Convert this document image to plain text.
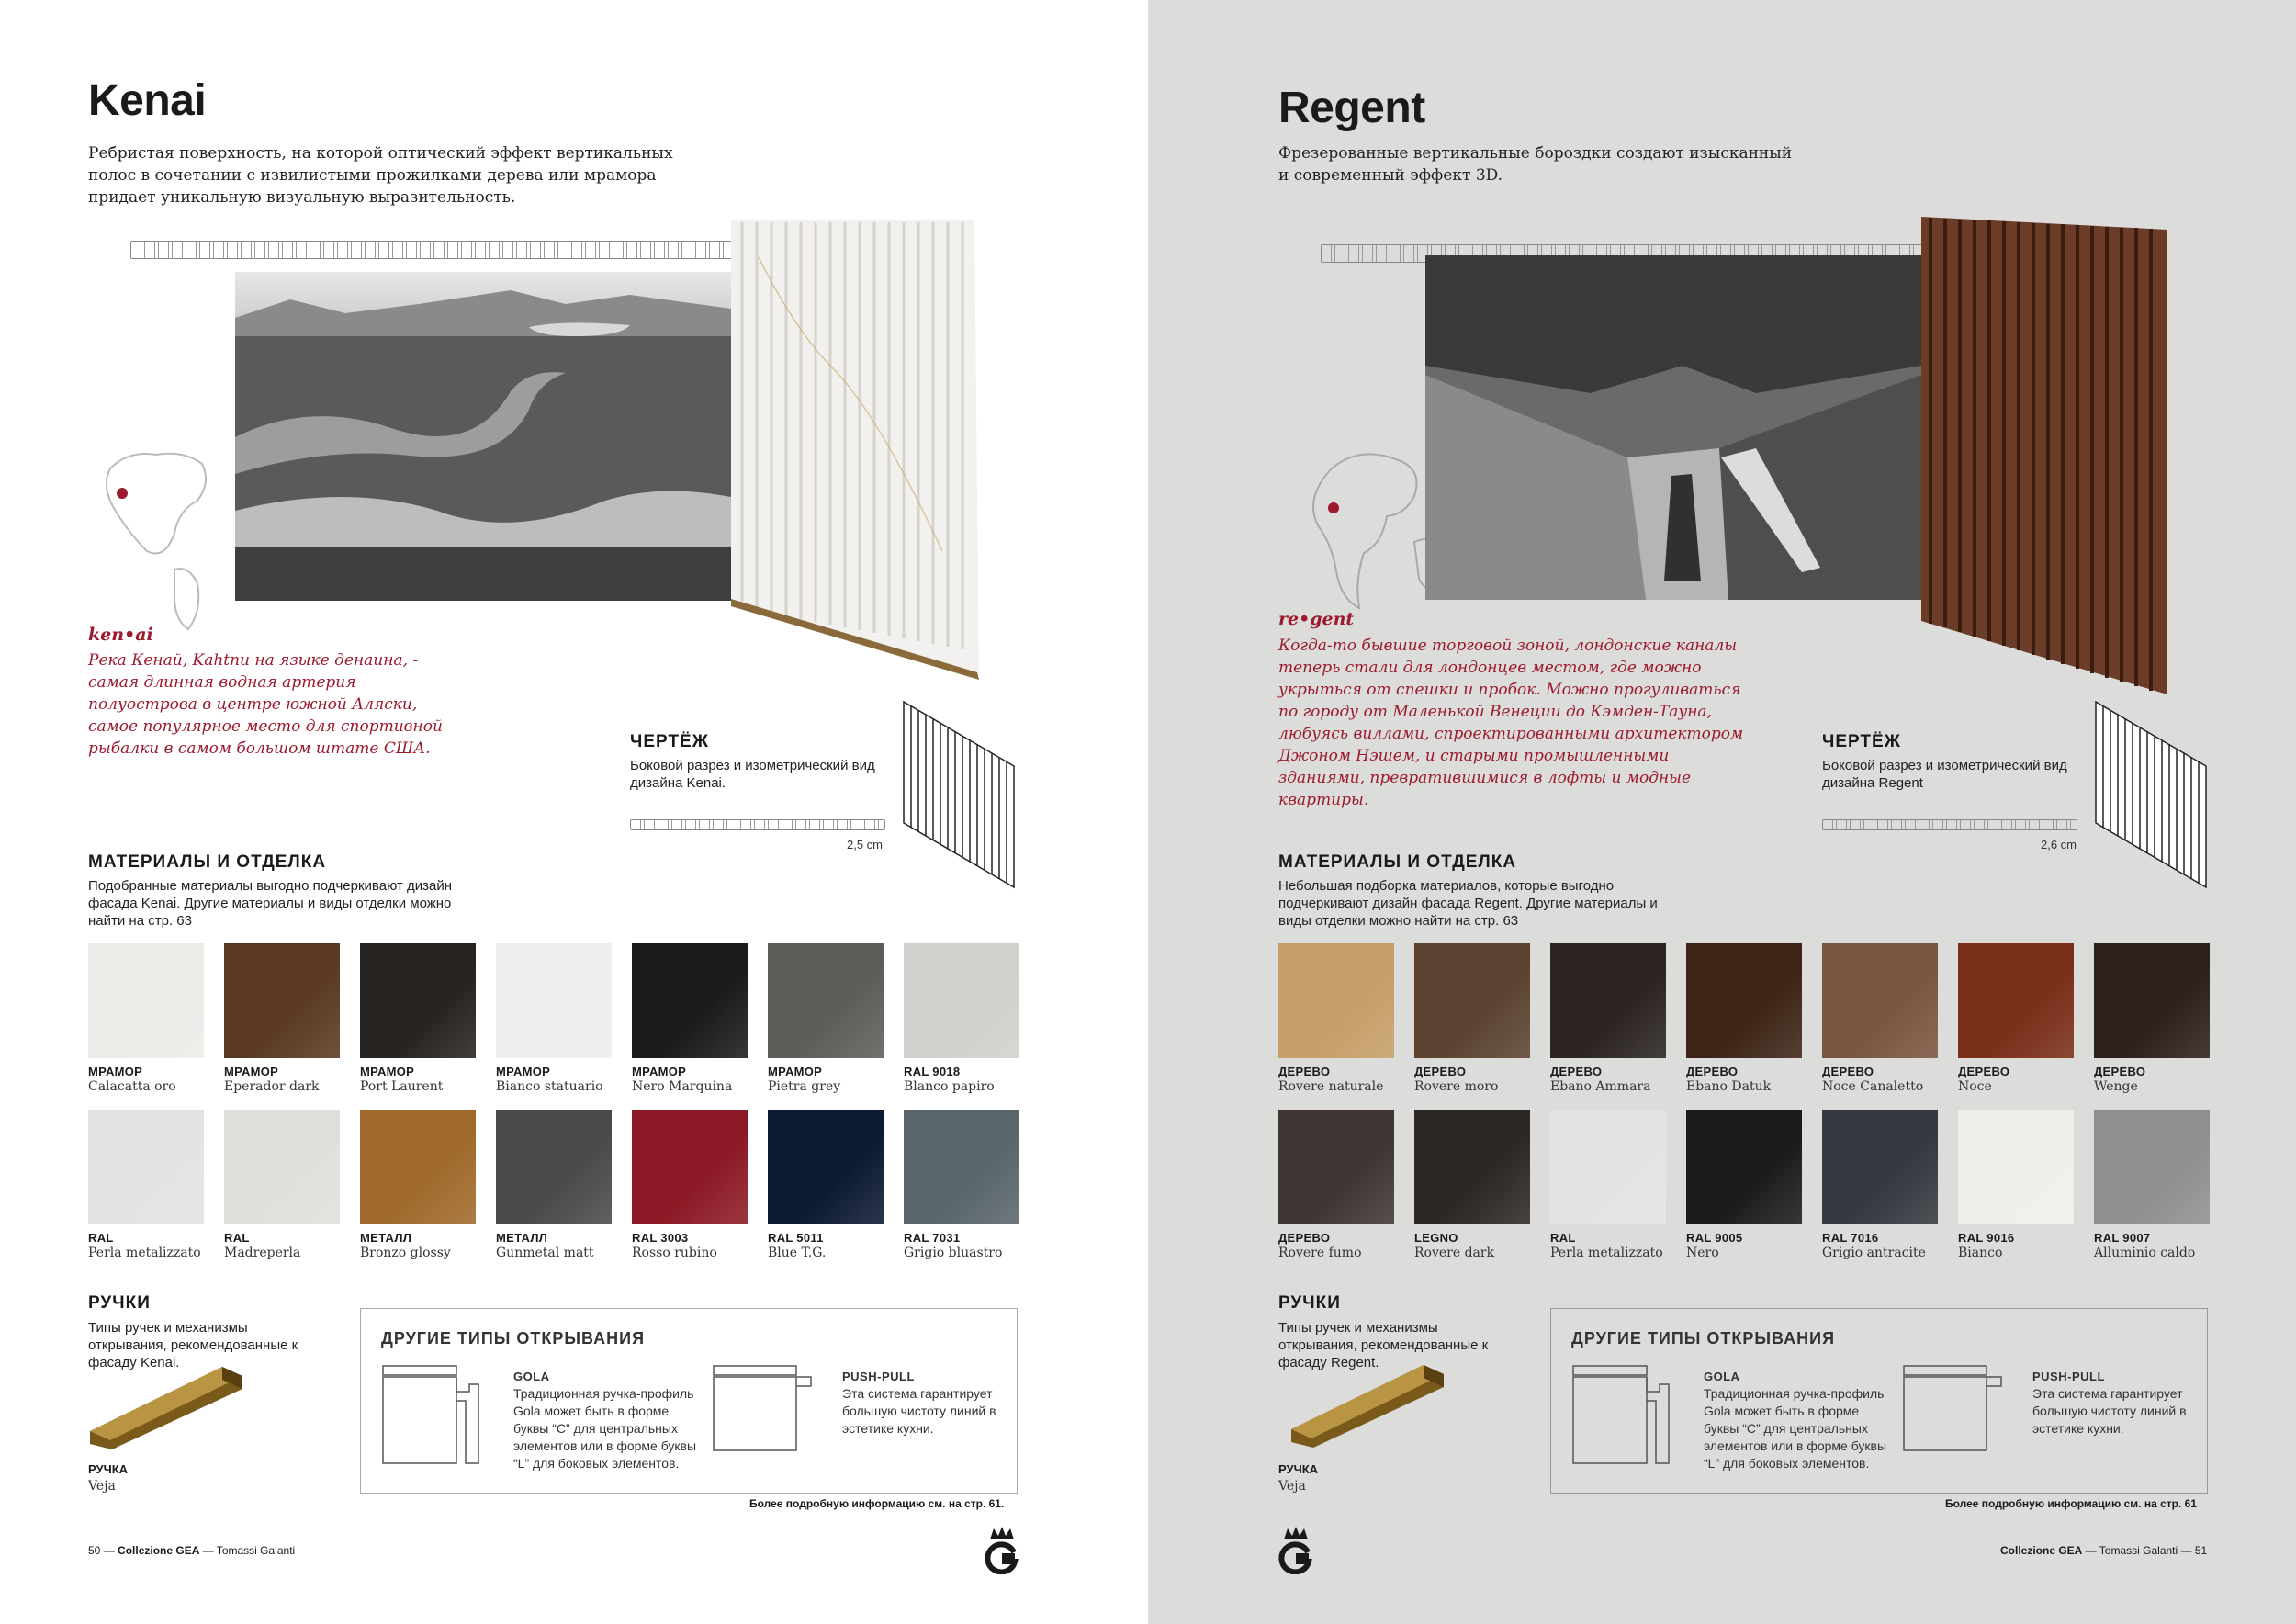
Kenai
Ребристая поверхность, на которой оптический эффект вертикальных полос в сочетании с извилистыми прожилками дерева или мрамора придает уникальную визуальную выразительность.
ken•ai
Река Кенай, Kahtnu на языке денаина, - самая длинная водная артерия полуострова в центре южной Аляски, самое популярное место для спортивной рыбалки в самом большом штате США.	ЧЕРТЁЖ
Боковой разрез и изометрический вид дизайна Kenai.
2,5 cm
МАТЕРИАЛЫ И ОТДЕЛКА
Подобранные материалы выгодно подчеркивают дизайн фасада Kenai. Другие материалы и виды отделки можно найти на стр. 63
МРАМОР
Calacatta oro
МРАМОР
Eperador dark
МРАМОР
Port Laurent
МРАМОР
Bianco statuario
МРАМОР
Nero Marquina
МРАМОР
Pietra grey
RAL 9018
Blanco papiro
RAL
Perla metalizzato
RAL
Madreperla
МЕТАЛЛ
Bronzo glossy
МЕТАЛЛ
Gunmetal matt
RAL 3003
Rosso rubino
RAL 5011
Blue T.G.
RAL 7031
Grigio bluastro
РУЧКИ
Типы ручек и механизмы открывания, рекомендованные к фасаду Kenai.
РУЧКА
Veja
ДРУГИЕ ТИПЫ ОТКРЫВАНИЯ
GOLA
Традиционная ручка-профиль Gola может быть в форме буквы “С” для центральных элементов или в форме буквы “L” для боковых элементов.
PUSH-PULL
Эта система гарантирует большую чистоту линий в эстетике кухни.
Более подробную информацию см. на стр. 61.
50 — Collezione GEA — Tomassi Galanti
Regent
Фрезерованные вертикальные бороздки создают изысканный и современный эффект 3D.
re•gent
Когда-то бывшие торговой зоной, лондонские каналы теперь стали для лондонцев местом, где можно укрыться от спешки и пробок. Можно прогуливаться по городу от Маленькой Венеции до Кэмден-Тауна, любуясь виллами, спроектированными архитектором Джоном Нэшем, и старыми промышленными зданиями, превратившимися в лофты и модные квартиры.
ЧЕРТЁЖ
Боковой разрез и изометрический вид дизайна Regent
2,6 cm
МАТЕРИАЛЫ И ОТДЕЛКА
Небольшая подборка материалов, которые выгодно подчеркивают дизайн фасада Regent. Другие материалы и виды отделки можно найти на стр. 63
ДЕРЕВО
Rovere naturale
ДЕРЕВО
Rovere moro
ДЕРЕВО
Ebano Ammara
ДЕРЕВО
Ebano Datuk
ДЕРЕВО
Noce Canaletto
ДЕРЕВО
Noce
ДЕРЕВО
Wenge
ДЕРЕВО
Rovere fumo
LEGNO
Rovere dark
RAL
Perla metalizzato
RAL 9005
Nero
RAL 7016
Grigio antracite
RAL 9016
Bianco
RAL 9007
Alluminio caldo
РУЧКИ
Типы ручек и механизмы открывания, рекомендованные к фасаду Regent.
РУЧКА
Veja
ДРУГИЕ ТИПЫ ОТКРЫВАНИЯ
GOLA
Традиционная ручка-профиль Gola может быть в форме буквы “С” для центральных элементов или в форме буквы “L” для боковых элементов.
PUSH-PULL
Эта система гарантирует большую чистоту линий в эстетике кухни.
Более подробную информацию см. на стр. 61
Collezione GEA — Tomassi Galanti — 51
